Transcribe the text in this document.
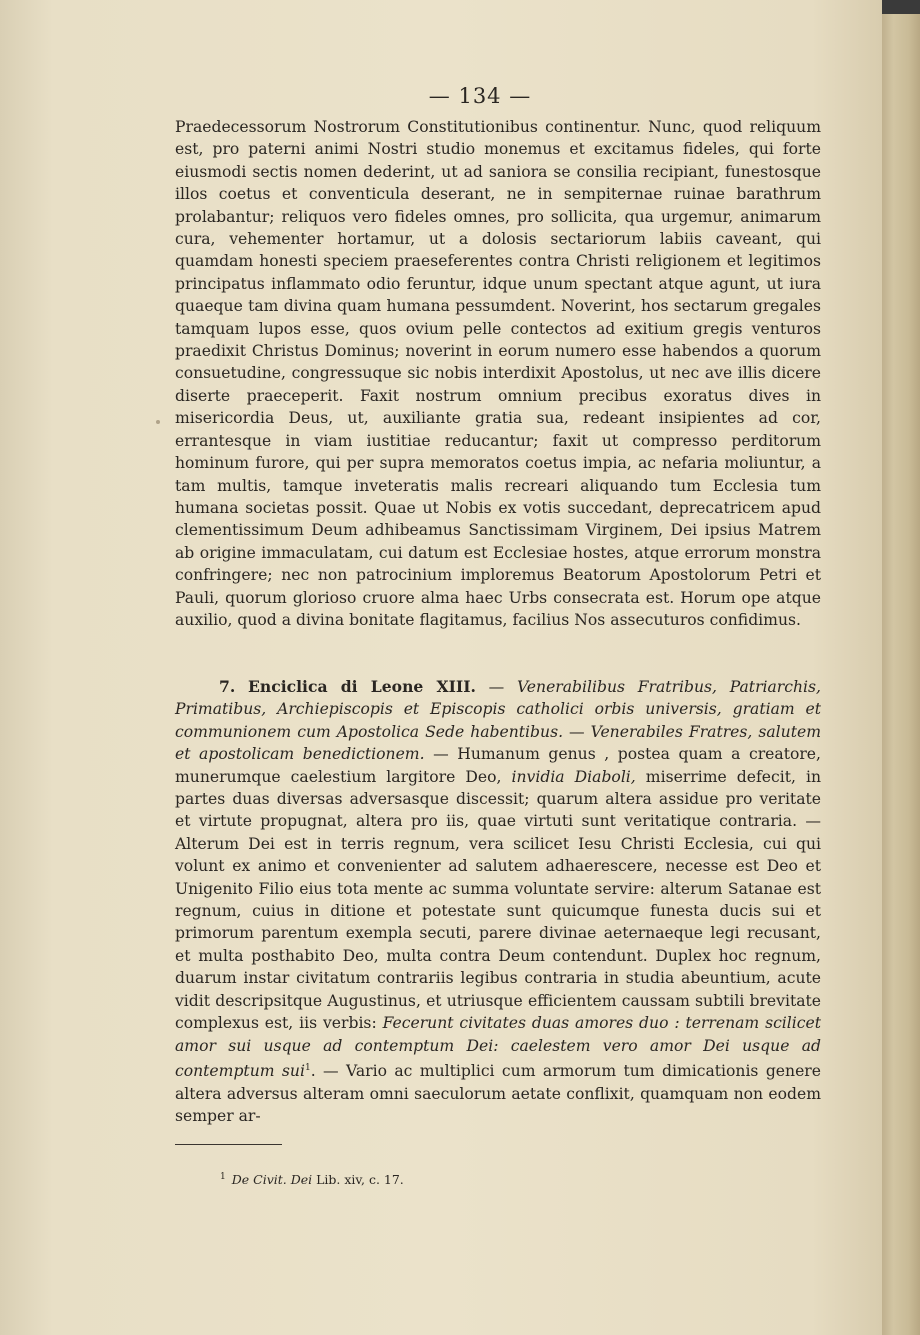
— 134 —
Praedecessorum Nostrorum Constitutionibus continentur. Nunc, quod reliquum est, pro paterni animi Nostri studio monemus et excitamus fideles, qui forte eiusmodi sectis nomen dederint, ut ad saniora se consilia recipiant, funestosque illos coetus et conventicula deserant, ne in sempiternae ruinae barathrum prolabantur; reliquos vero fideles omnes, pro sollicita, qua urgemur, animarum cura, vehementer hortamur, ut a dolosis sectariorum labiis caveant, qui quamdam honesti speciem praeseferentes contra Christi religionem et legitimos principatus inflammato odio feruntur, idque unum spectant atque agunt, ut iura quaeque tam divina quam humana pessumdent. Noverint, hos sectarum gregales tamquam lupos esse, quos ovium pelle contectos ad exitium gregis venturos praedixit Christus Dominus; noverint in eorum numero esse habendos a quorum consuetudine, congressuque sic nobis interdixit Apostolus, ut nec ave illis dicere diserte praeceperit. Faxit nostrum omnium precibus exoratus dives in misericordia Deus, ut, auxiliante gratia sua, redeant insipientes ad cor, errantesque in viam iustitiae reducantur; faxit ut compresso perditorum hominum furore, qui per supra memoratos coetus impia, ac nefaria moliuntur, a tam multis, tamque inveteratis malis recreari aliquando tum Ecclesia tum humana societas possit. Quae ut Nobis ex votis succedant, deprecatricem apud clementissimum Deum adhibeamus Sanctissimam Virginem, Dei ipsius Matrem ab origine immaculatam, cui datum est Ecclesiae hostes, atque errorum monstra confringere; nec non patrocinium imploremus Beatorum Apostolorum Petri et Pauli, quorum glorioso cruore alma haec Urbs consecrata est. Horum ope atque auxilio, quod a divina bonitate flagitamus, facilius Nos assecuturos confidimus.
7. Enciclica di Leone XIII. — Venerabilibus Fratribus, Patriarchis, Primatibus, Archiepiscopis et Episcopis catholici orbis universis, gratiam et communionem cum Apostolica Sede habentibus. — Venerabiles Fratres, salutem et apostolicam benedictionem. — Humanum genus , postea quam a creatore, munerumque caelestium largitore Deo, invidia Diaboli, miserrime defecit, in partes duas diversas adversasque discessit; quarum altera assidue pro veritate et virtute propugnat, altera pro iis, quae virtuti sunt veritatique contraria. — Alterum Dei est in terris regnum, vera scilicet Iesu Christi Ecclesia, cui qui volunt ex animo et convenienter ad salutem adhaerescere, necesse est Deo et Unigenito Filio eius tota mente ac summa voluntate servire: alterum Satanae est regnum, cuius in ditione et potestate sunt quicumque funesta ducis sui et primorum parentum exempla secuti, parere divinae aeternaeque legi recusant, et multa posthabito Deo, multa contra Deum contendunt. Duplex hoc regnum, duarum instar civitatum contrariis legibus contraria in studia abeuntium, acute vidit descripsitque Augustinus, et utriusque efficientem caussam subtili brevitate complexus est, iis verbis: Fecerunt civitates duas amores duo : terrenam scilicet amor sui usque ad contemptum Dei: caelestem vero amor Dei usque ad contemptum sui$^1$. — Vario ac multiplici cum armorum tum dimicationis genere altera adversus alteram omni saeculorum aetate conflixit, quamquam non eodem semper ar-
$^1$ De Civit. Dei Lib. xiv, c. 17.
